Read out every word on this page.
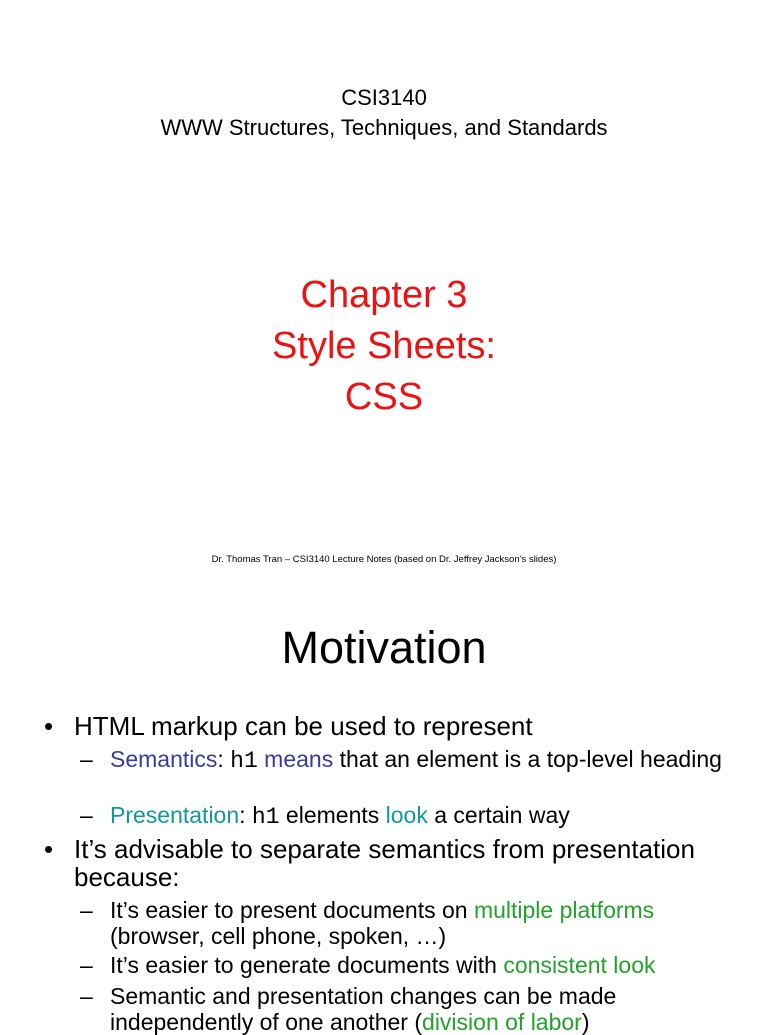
CSI3140
WWW Structures, Techniques, and Standards
Chapter 3
Style Sheets:
CSS
Dr. Thomas Tran – CSI3140 Lecture Notes (based on Dr. Jeffrey Jackson’s slides)
Motivation
• HTML markup can be used to represent
– Semantics: h1 means that an element is a top-level heading
– Presentation: h1 elements look a certain way
• It’s advisable to separate semantics from presentation because:
– It’s easier to present documents on multiple platforms (browser, cell phone, spoken, …)
– It’s easier to generate documents with consistent look
– Semantic and presentation changes can be made independently of one another (division of labor)
